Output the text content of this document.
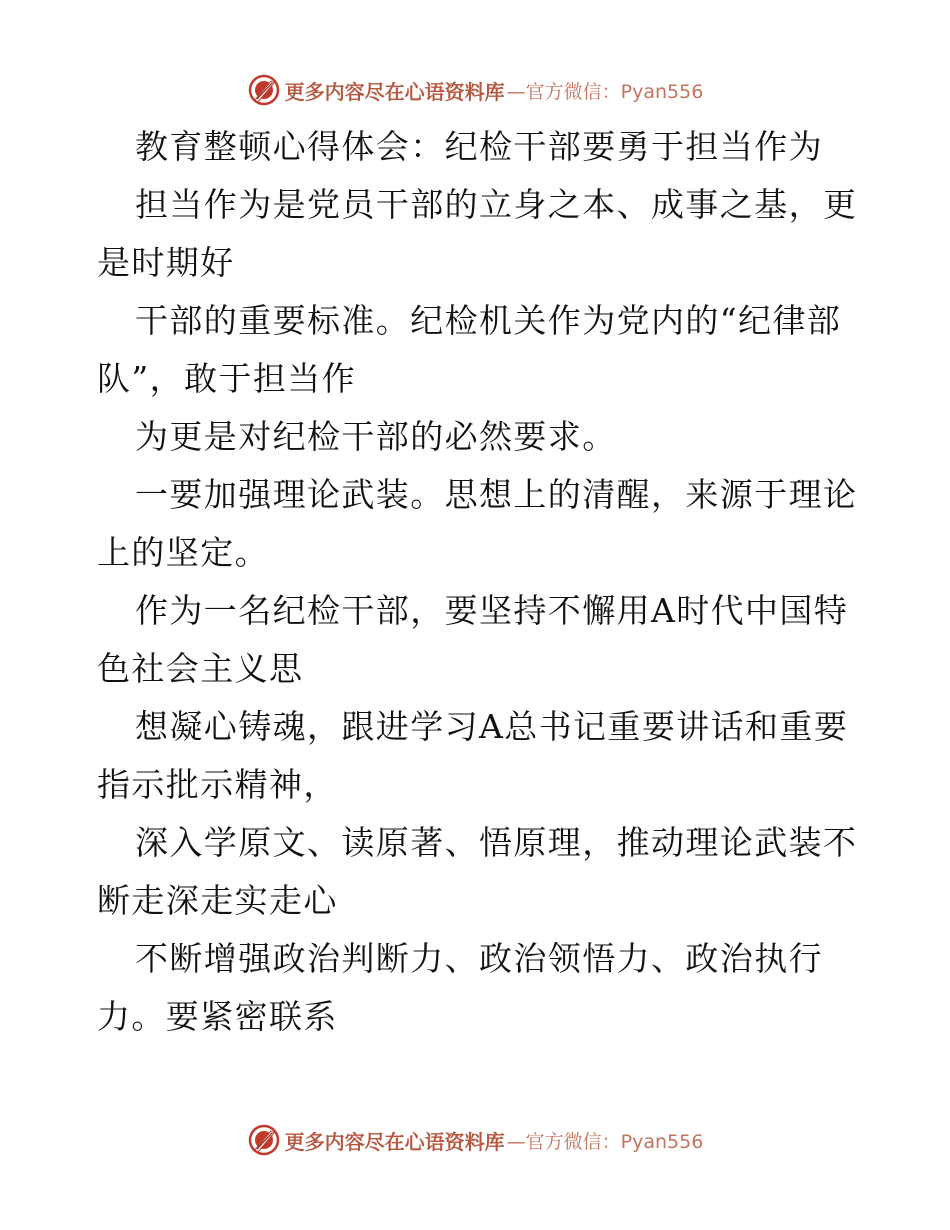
更多内容尽在心语资料库 —官方微信：Pyan556
教育整顿心得体会：纪检干部要勇于担当作为
担当作为是党员干部的立身之本、成事之基，更
是时期好
干部的重要标准。纪检机关作为党内的“纪律部
队”，敢于担当作
为更是对纪检干部的必然要求。
一要加强理论武装。思想上的清醒，来源于理论
上的坚定。
作为一名纪检干部，要坚持不懈用A时代中国特
色社会主义思
想凝心铸魂，跟进学习A总书记重要讲话和重要
指示批示精神，
深入学原文、读原著、悟原理，推动理论武装不
断走深走实走心
不断增强政治判断力、政治领悟力、政治执行
力。要紧密联系
更多内容尽在心语资料库 —官方微信：Pyan556
